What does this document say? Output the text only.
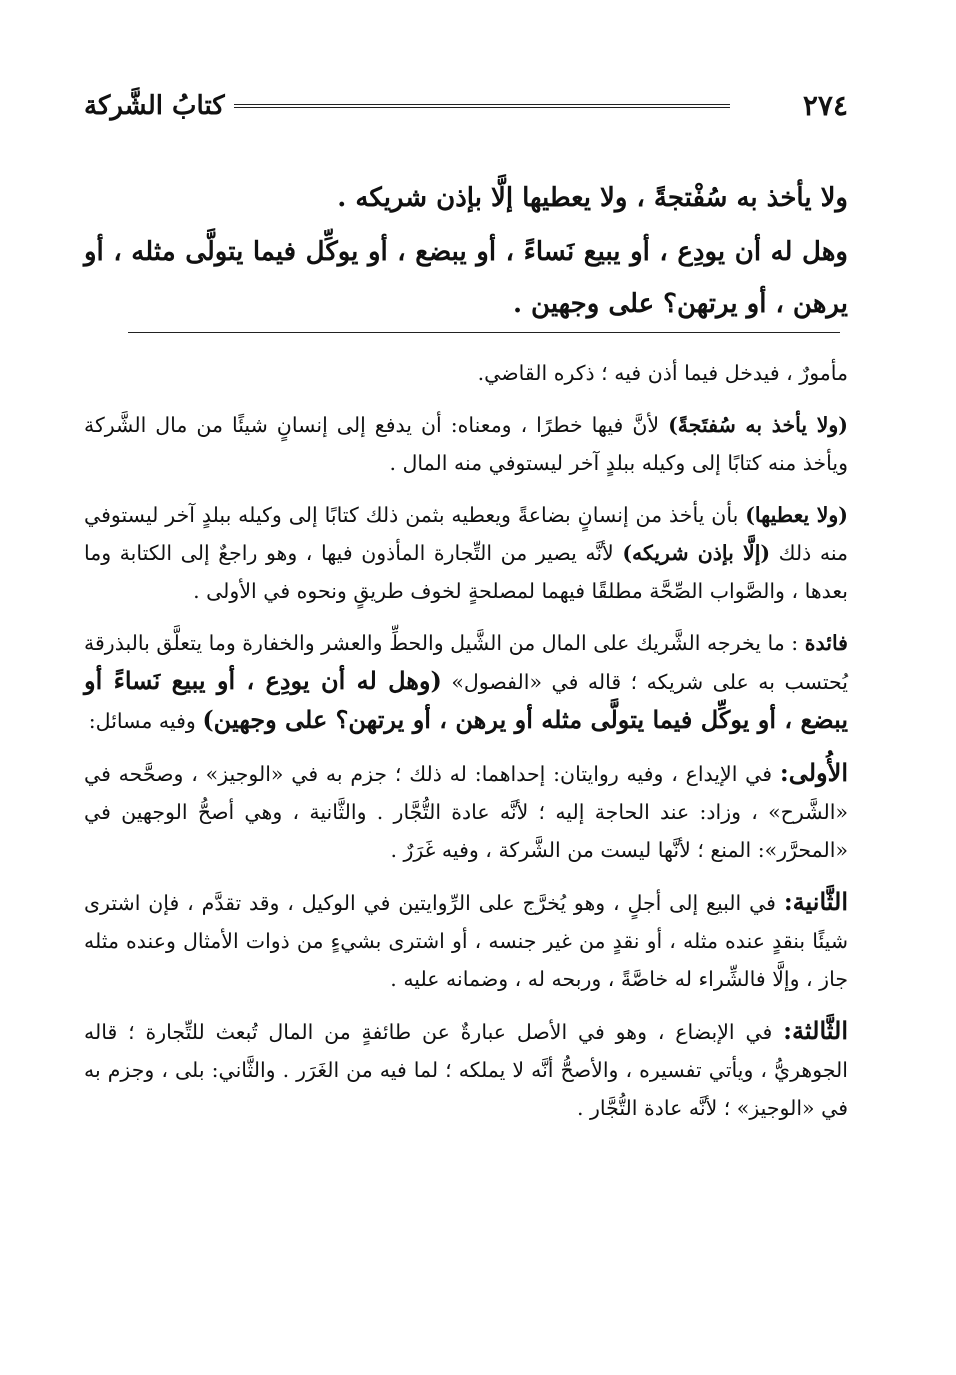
٢٧٤
كتابُ الشَّركة

ولا يأخذ به سُفْتجةً ، ولا يعطيها إلَّا بإذن شريكه .

وهل له أن يودِع ، أو يبيع نَساءً ، أو يبضع ، أو يوكِّل فيما يتولَّى مثله ، أو يرهن ، أو يرتهن؟ على وجهين .

مأمورٌ ، فيدخل فيما أذن فيه ؛ ذكره القاضي.

(ولا يأخذ به سُفتَجةً) لأنَّ فيها خطرًا ، ومعناه: أن يدفع إلى إنسانٍ شيئًا من مال الشَّركة ويأخذ منه كتابًا إلى وكيله ببلدٍ آخر ليستوفي منه المال .

(ولا يعطيها) بأن يأخذ من إنسانٍ بضاعةً ويعطيه بثمن ذلك كتابًا إلى وكيله ببلدٍ آخر ليستوفي منه ذلك (إلَّا بإذن شريكه) لأنَّه يصير من التِّجارة المأذون فيها ، وهو راجعٌ إلى الكتابة وما بعدها ، والصَّواب الصِّحَّة مطلقًا فيهما لمصلحةٍ لخوف طريقٍ ونحوه في الأولى .

فائدة : ما يخرجه الشَّريك على المال من الشَّيل والحطِّ والعشر والخفارة وما يتعلَّق بالبذرقة يُحتسب به على شريكه ؛ قاله في «الفصول» (وهل له أن يودِع ، أو يبيع نَساءً أو يبضع ، أو يوكِّل فيما يتولَّى مثله أو يرهن ، أو يرتهن؟ على وجهين) وفيه مسائل:

الأُولى: في الإيداع ، وفيه روايتان: إحداهما: له ذلك ؛ جزم به في «الوجيز» ، وصحَّحه في «الشَّرح» ، وزاد: عند الحاجة إليه ؛ لأنَّه عادة التُّجَّار . والثَّانية ، وهي أصحُّ الوجهين في «المحرَّر»: المنع ؛ لأنَّها ليست من الشَّركة ، وفيه غَرَرٌ .

الثَّانية: في البيع إلى أجلٍ ، وهو يُخرَّج على الرِّوايتين في الوكيل ، وقد تقدَّم ، فإن اشترى شيئًا بنقدٍ عنده مثله ، أو نقدٍ من غير جنسه ، أو اشترى بشيءٍ من ذوات الأمثال وعنده مثله جاز ، وإلَّا فالشِّراء له خاصَّةً ، وربحه له ، وضمانه عليه .

الثَّالثة: في الإبضاع ، وهو في الأصل عبارةٌ عن طائفةٍ من المال تُبعث للتِّجارة ؛ قاله الجوهريُّ ، ويأتي تفسيره ، والأصحُّ أنَّه لا يملكه ؛ لما فيه من الغَرَر . والثَّاني: بلى ، وجزم به في «الوجيز» ؛ لأنَّه عادة التُّجَّار .
